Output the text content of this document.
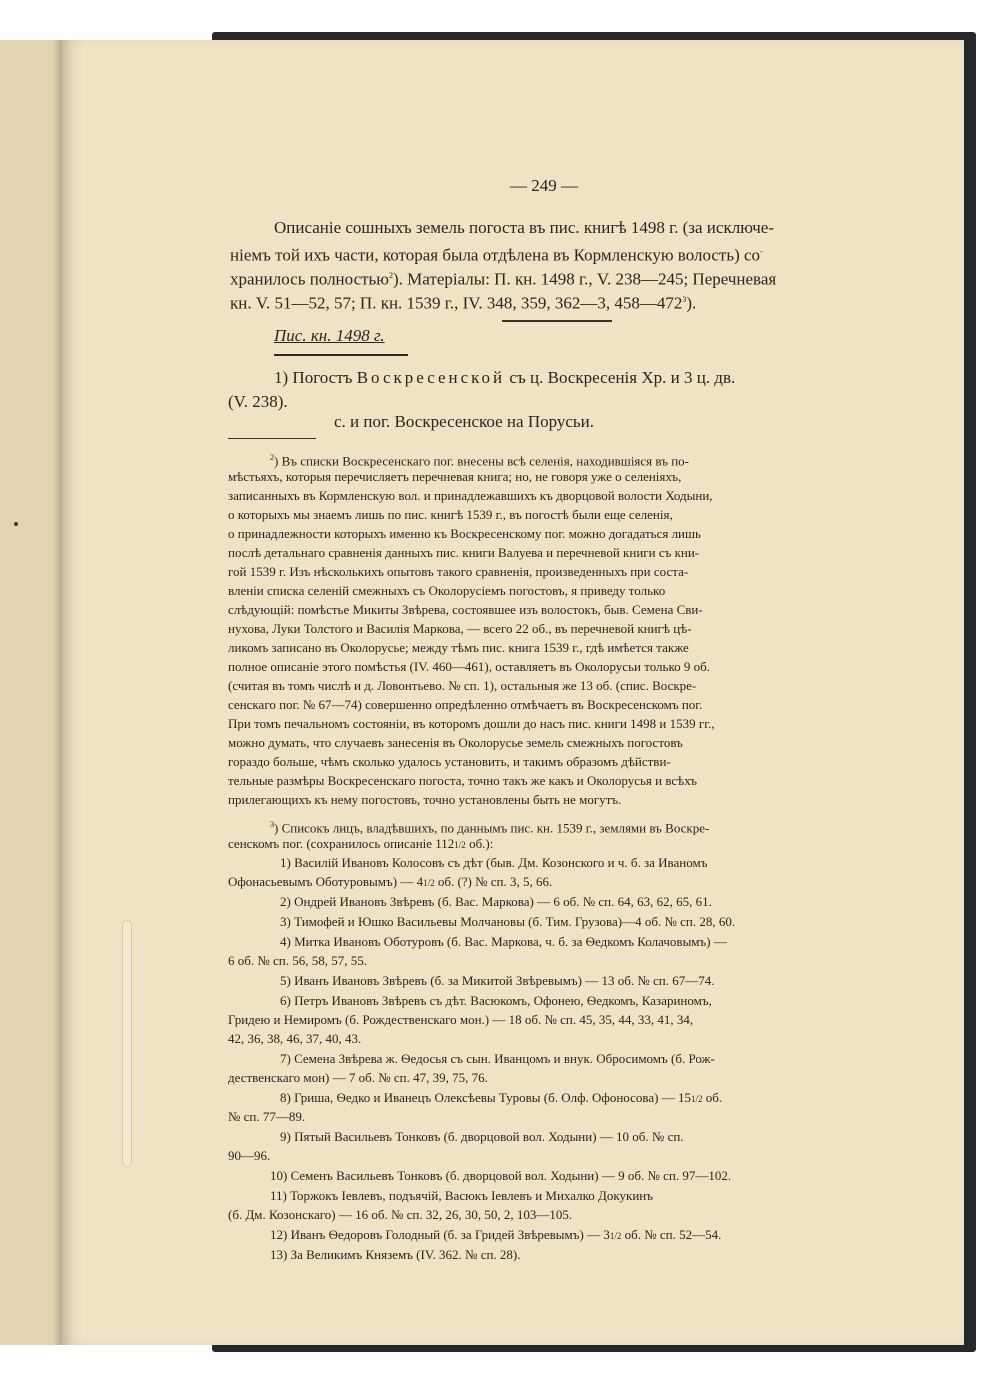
— 249 —
Описаніе сошныхъ земель погоста въ пис. книгѣ 1498 г. (за исключе-
ніемъ той ихъ части, которая была отдѣлена въ Кормленскую волость) со-
хранилось полностью$^2$). Матеріалы: П. кн. 1498 г., V. 238—245; Перечневая
кн. V. 51—52, 57; П. кн. 1539 г., IV. 348, 359, 362—3, $458—472^3$).
Пис. кн. 1498 г.
1) Погостъ Воскресенской съ ц. Воскресенія Хр. и 3 ц. дв.
(V. 238).
с. и пог. Воскресенское на Порусьи.
$^2$) Въ списки Воскресенскаго пог. внесены всѣ селенія, находившіяся въ по-
мѣстьяхъ, которыя перечисляетъ перечневая книга; но, не говоря уже о селеніяхъ,
записанныхъ въ Кормленскую вол. и принадлежавшихъ къ дворцовой волости Ходыни,
о которыхъ мы знаемъ лишь по пис. книгѣ 1539 г., въ погостѣ были еще селенія,
о принадлежности которыхъ именно къ Воскресенскому пог. можно догадаться лишь
послѣ детальнаго сравненія данныхъ пис. книги Валуева и перечневой книги съ кни-
гой 1539 г. Изъ нѣсколькихъ опытовъ такого сравненія, произведенныхъ при соста-
вленіи списка селеній смежныхъ съ Околорусіемъ погостовъ, я приведу только
слѣдующій: помѣстье Микиты Звѣрева, состоявшее изъ волостокъ, быв. Семена Сви-
нухова, Луки Толстого и Василія Маркова, — всего 22 об., въ перечневой книгѣ цѣ-
ликомъ записано въ Околорусье; между тѣмъ пис. книга 1539 г., гдѣ имѣется также
полное описаніе этого помѣстья (IV. 460—461), оставляетъ въ Околорусьи только 9 об.
(считая въ томъ числѣ и д. Ловонтьево. № сп. 1), остальныя же 13 об. (спис. Воскре-
сенскаго пог. № 67—74) совершенно опредѣленно отмѣчаетъ въ Воскресенскомъ пог.
При томъ печальномъ состояніи, въ которомъ дошли до насъ пис. книги 1498 и 1539 гг.,
можно думать, что случаевъ занесенія въ Околорусье земель смежныхъ погостовъ
гораздо больше, чѣмъ сколько удалось установить, и такимъ образомъ дѣйстви-
тельные размѣры Воскресенскаго погоста, точно такъ же какъ и Околорусья и всѣхъ
прилегающихъ къ нему погостовъ, точно установлены быть не могутъ.
$^3$) Списокъ лицъ, владѣвшихъ, по даннымъ пис. кн. 1539 г., землями въ Воскре-
сенскомъ пог. (сохранилось описаніе 1121/2 об.):
1) Василій Ивановъ Колосовъ съ дѣт (быв. Дм. Козонского и ч. б. за Иваномъ
Офонасьевымъ Оботуровымъ) — 41/2 об. (?) № сп. 3, 5, 66.
2) Ондрей Ивановъ Звѣревъ (б. Вас. Маркова) — 6 об. № сп. 64, 63, 62, 65, 61.
3) Тимофей и Юшко Васильевы Молчановы (б. Тим. Грузова)—4 об. № сп. 28, 60.
4) Митка Ивановъ Оботуровъ (б. Вас. Маркова, ч. б. за Ѳедкомъ Колачовымъ) —
6 об. № сп. 56, 58, 57, 55.
5) Иванъ Ивановъ Звѣревъ (б. за Микитой Звѣревымъ) — 13 об. № сп. 67—74.
6) Петръ Ивановъ Звѣревъ съ дѣт. Васюкомъ, Офонею, Ѳедкомъ, Казариномъ,
Гридею и Немиромъ (б. Рождественскаго мон.) — 18 об. № сп. 45, 35, 44, 33, 41, 34,
42, 36, 38, 46, 37, 40, 43.
7) Семена Звѣрева ж. Ѳедосья съ сын. Иванцомъ и внук. Обросимомъ (б. Рож-
дественскаго мон) — 7 об. № сп. 47, 39, 75, 76.
8) Гриша, Ѳедко и Иванецъ Олексѣевы Туровы (б. Олф. Офоносова) — 151/2 об.
№ сп. 77—89.
9) Пятый Васильевъ Тонковъ (б. дворцовой вол. Ходыни) — 10 об. № сп.
90—96.
10) Семенъ Васильевъ Тонковъ (б. дворцовой вол. Ходыни) — 9 об. № сп. 97—102.
11) Торжокъ Іевлевъ, подъячій, Васюкъ Іевлевъ и Михалко Докукинъ
(б. Дм. Козонскаго) — 16 об. № сп. 32, 26, 30, 50, 2, 103—105.
12) Иванъ Ѳедоровъ Голодный (б. за Гридей Звѣревымъ) — 31/2 об. № сп. 52—54.
13) За Великимъ Княземъ (IV. 362. № сп. 28).
